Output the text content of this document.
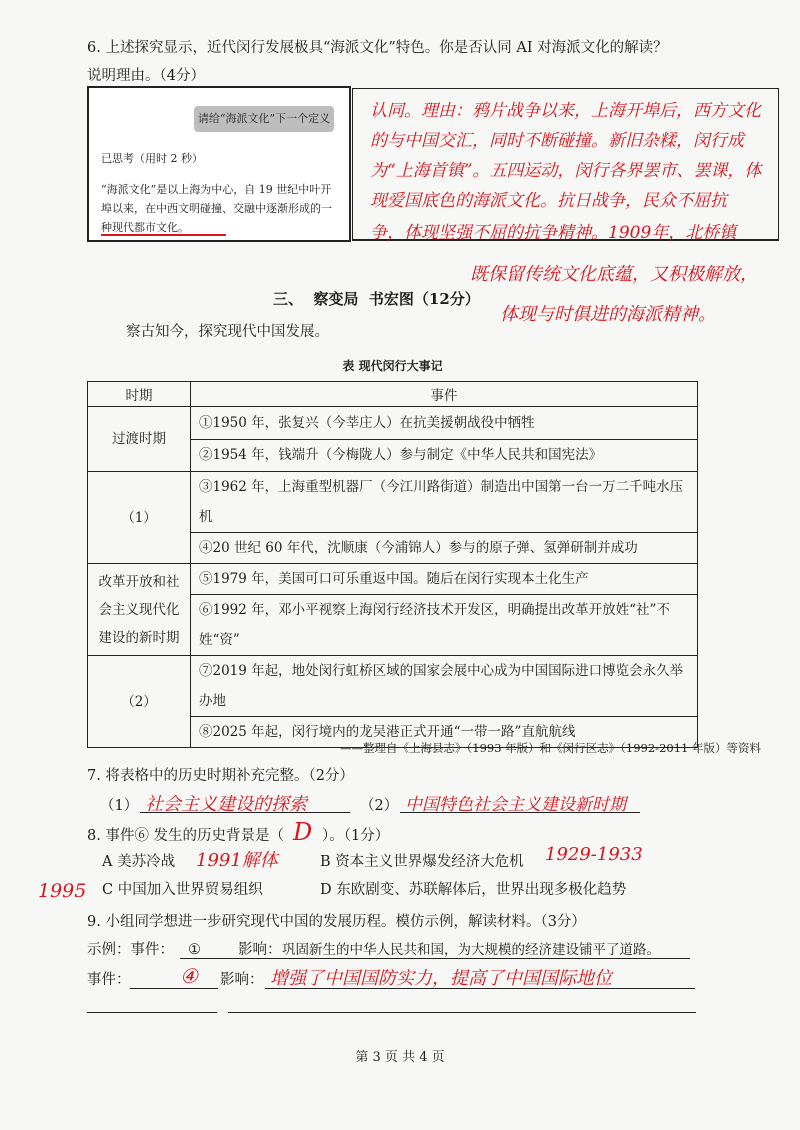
6. 上述探究显示，近代闵行发展极具“海派文化”特色。你是否认同 AI 对海派文化的解读？
说明理由。（4分）
请给“海派文化”下一个定义
已思考（用时 2 秒）
“海派文化”是以上海为中心，自 19 世纪中叶开埠以来，在中西文明碰撞、交融中逐渐形成的一种现代都市文化。
认同。理由：鸦片战争以来，上海开埠后，西方文化
的与中国交汇，同时不断碰撞。新旧杂糅，闵行成
为“上海首镇”。五四运动，闵行各界罢市、罢课，体
现爱国底色的海派文化。抗日战争，民众不屈抗
争，体现坚强不屈的抗争精神。1909年，北桥镇
既保留传统文化底蕴，又积极解放，
体现与时俱进的海派精神。
三、  察变局  书宏图（12分）
察古知今，探究现代中国发展。
表 现代闵行大事记
时期	事件
过渡时期	①1950 年，张复兴（今莘庄人）在抗美援朝战役中牺牲
	②1954 年，钱端升（今梅陇人）参与制定《中华人民共和国宪法》
（1）	③1962 年，上海重型机器厂（今江川路街道）制造出中国第一台一万二千吨水压机
	④20 世纪 60 年代，沈顺康（今浦锦人）参与的原子弹、氢弹研制并成功
改革开放和社
会主义现代化
建设的新时期	⑤1979 年，美国可口可乐重返中国。随后在闵行实现本土化生产
	⑥1992 年，邓小平视察上海闵行经济技术开发区，明确提出改革开放姓“社”不姓“资”
（2）	⑦2019 年起，地处闵行虹桥区域的国家会展中心成为中国国际进口博览会永久举办地
	⑧2025 年起，闵行境内的龙吴港正式开通“一带一路”直航航线
——整理自《上海县志》（1993 年版）和《闵行区志》（1992-2011 年版）等资料
7. 将表格中的历史时期补充完整。（2分）
（1） 社会主义建设的探索	（2） 中国特色社会主义建设新时期
8. 事件⑥ 发生的历史背景是（ D ）。（1分）
A 美苏冷战 1991解体	B 资本主义世界爆发经济大危机 1929-1933
1995 C 中国加入世界贸易组织	D 东欧剧变、苏联解体后，世界出现多极化趋势
9. 小组同学想进一步研究现代中国的发展历程。模仿示例，解读材料。（3分）
示例：事件： ①	影响： 巩固新生的中华人民共和国，为大规模的经济建设铺平了道路。
事件： ④ 影响： 增强了中国国防实力，提高了中国国际地位
第 3 页 共 4 页
